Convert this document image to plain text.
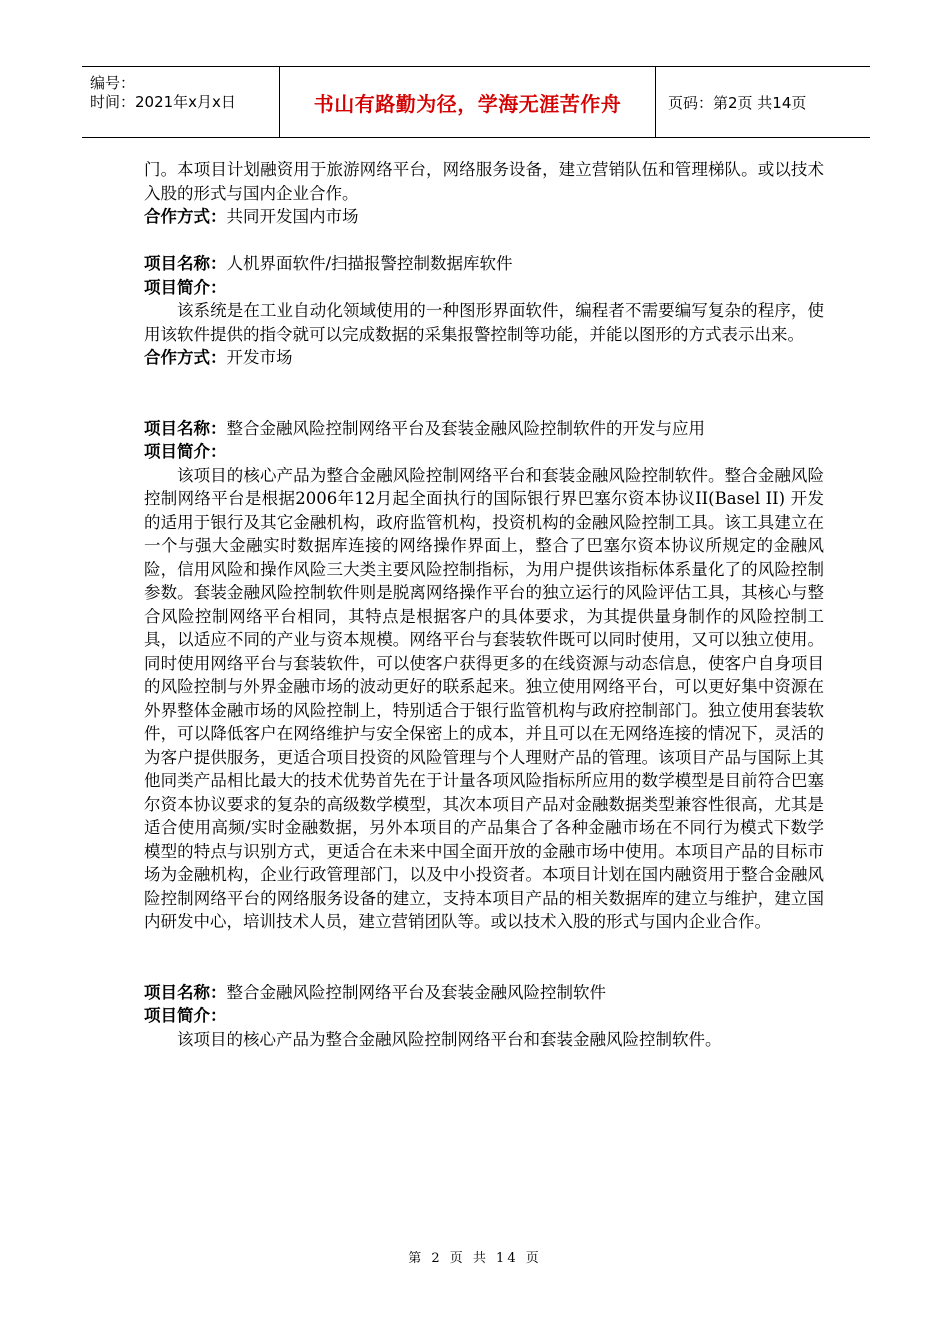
编号：
时间：2021年x月x日	书山有路勤为径，学海无涯苦作舟	页码：第2页 共14页

门。本项目计划融资用于旅游网络平台，网络服务设备，建立营销队伍和管理梯队。或以技术入股的形式与国内企业合作。

合作方式：共同开发国内市场

项目名称：人机界面软件/扫描报警控制数据库软件

项目简介：

该系统是在工业自动化领域使用的一种图形界面软件，编程者不需要编写复杂的程序，使用该软件提供的指令就可以完成数据的采集报警控制等功能，并能以图形的方式表示出来。

合作方式：开发市场

项目名称：整合金融风险控制网络平台及套装金融风险控制软件的开发与应用

项目简介：

该项目的核心产品为整合金融风险控制网络平台和套装金融风险控制软件。整合金融风险控制网络平台是根据2006年12月起全面执行的国际银行界巴塞尔资本协议II(Basel II) 开发的适用于银行及其它金融机构，政府监管机构，投资机构的金融风险控制工具。该工具建立在一个与强大金融实时数据库连接的网络操作界面上，整合了巴塞尔资本协议所规定的金融风险，信用风险和操作风险三大类主要风险控制指标，为用户提供该指标体系量化了的风险控制参数。套装金融风险控制软件则是脱离网络操作平台的独立运行的风险评估工具，其核心与整合风险控制网络平台相同，其特点是根据客户的具体要求，为其提供量身制作的风险控制工具，以适应不同的产业与资本规模。网络平台与套装软件既可以同时使用，又可以独立使用。同时使用网络平台与套装软件，可以使客户获得更多的在线资源与动态信息，使客户自身项目的风险控制与外界金融市场的波动更好的联系起来。独立使用网络平台，可以更好集中资源在外界整体金融市场的风险控制上，特别适合于银行监管机构与政府控制部门。独立使用套装软件，可以降低客户在网络维护与安全保密上的成本，并且可以在无网络连接的情况下，灵活的为客户提供服务，更适合项目投资的风险管理与个人理财产品的管理。该项目产品与国际上其他同类产品相比最大的技术优势首先在于计量各项风险指标所应用的数学模型是目前符合巴塞尔资本协议要求的复杂的高级数学模型，其次本项目产品对金融数据类型兼容性很高，尤其是适合使用高频/实时金融数据，另外本项目的产品集合了各种金融市场在不同行为模式下数学模型的特点与识别方式，更适合在未来中国全面开放的金融市场中使用。本项目产品的目标市场为金融机构，企业行政管理部门，以及中小投资者。本项目计划在国内融资用于整合金融风险控制网络平台的网络服务设备的建立，支持本项目产品的相关数据库的建立与维护，建立国内研发中心，培训技术人员，建立营销团队等。或以技术入股的形式与国内企业合作。

项目名称：整合金融风险控制网络平台及套装金融风险控制软件

项目简介：

该项目的核心产品为整合金融风险控制网络平台和套装金融风险控制软件。

第 2 页 共 14 页
